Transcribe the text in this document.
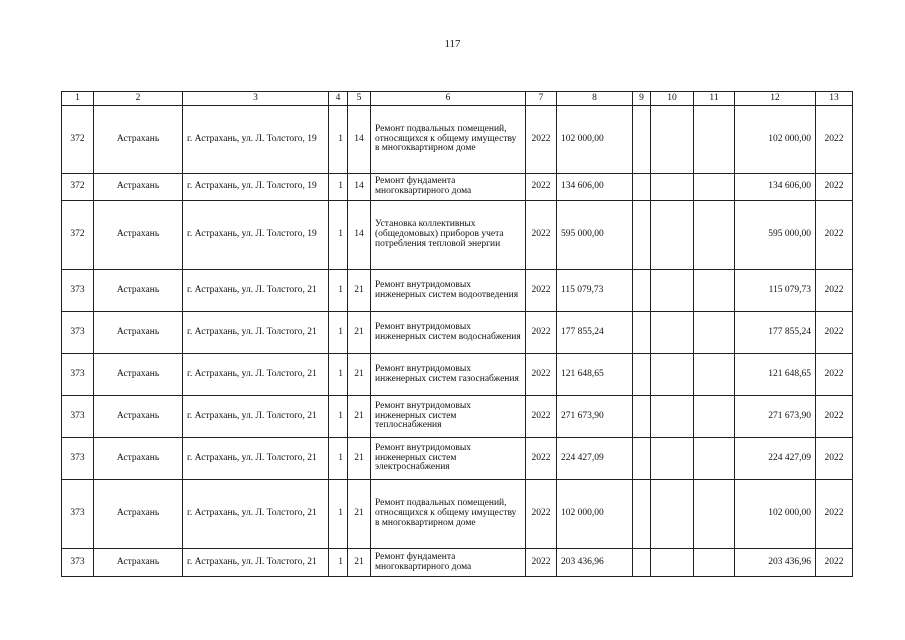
117
1	2	3	4	5	6	7	8	9	10	11	12	13
372	Астрахань	г. Астрахань, ул. Л. Толстого, 19	1	14	Ремонт подвальных помещений, относящихся к общему имуществу в многоквартирном доме	2022	102 000,00				102 000,00	2022
372	Астрахань	г. Астрахань, ул. Л. Толстого, 19	1	14	Ремонт фундамента многоквартирного дома	2022	134 606,00				134 606,00	2022
372	Астрахань	г. Астрахань, ул. Л. Толстого, 19	1	14	Установка коллективных (общедомовых) приборов учета потребления тепловой энергии	2022	595 000,00				595 000,00	2022
373	Астрахань	г. Астрахань, ул. Л. Толстого, 21	1	21	Ремонт внутридомовых инженерных систем водоотведения	2022	115 079,73				115 079,73	2022
373	Астрахань	г. Астрахань, ул. Л. Толстого, 21	1	21	Ремонт внутридомовых инженерных систем водоснабжения	2022	177 855,24				177 855,24	2022
373	Астрахань	г. Астрахань, ул. Л. Толстого, 21	1	21	Ремонт внутридомовых инженерных систем газоснабжения	2022	121 648,65				121 648,65	2022
373	Астрахань	г. Астрахань, ул. Л. Толстого, 21	1	21	Ремонт внутридомовых инженерных систем теплоснабжения	2022	271 673,90				271 673,90	2022
373	Астрахань	г. Астрахань, ул. Л. Толстого, 21	1	21	Ремонт внутридомовых инженерных систем электроснабжения	2022	224 427,09				224 427,09	2022
373	Астрахань	г. Астрахань, ул. Л. Толстого, 21	1	21	Ремонт подвальных помещений, относящихся к общему имуществу в многоквартирном доме	2022	102 000,00				102 000,00	2022
373	Астрахань	г. Астрахань, ул. Л. Толстого, 21	1	21	Ремонт фундамента многоквартирного дома	2022	203 436,96				203 436,96	2022
